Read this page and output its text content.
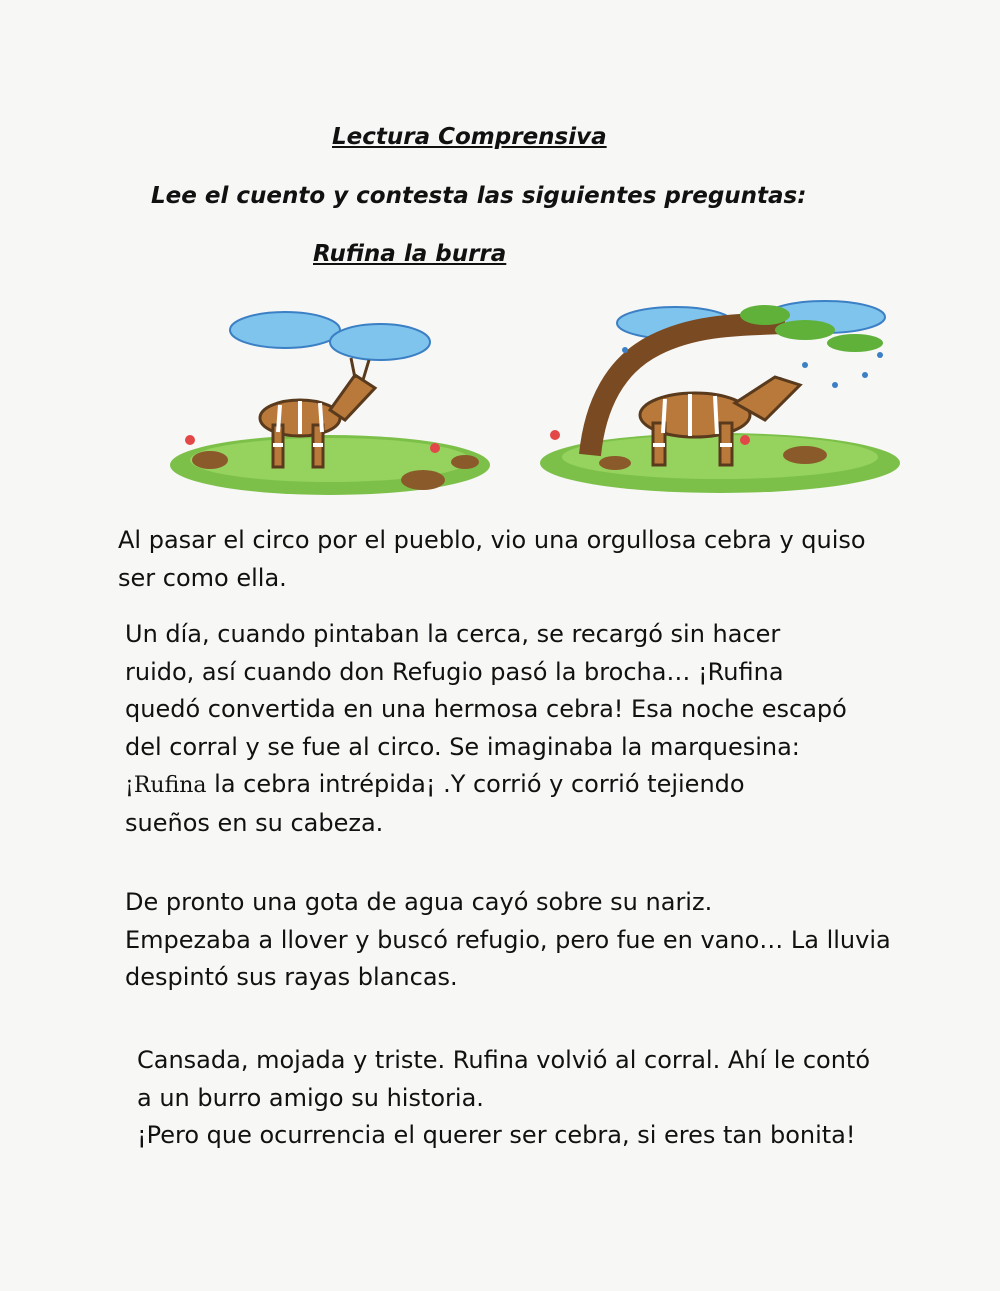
Lectura Comprensiva

Lee el cuento y contesta las siguientes preguntas:

Rufina la burra
Al pasar el circo por el pueblo, vio una orgullosa cebra y quiso
ser como ella.
Un día, cuando pintaban la cerca, se recargó sin hacer
ruido, así cuando don Refugio pasó la brocha… ¡Rufina
quedó convertida en una hermosa cebra! Esa noche escapó
del corral y se fue al circo. Se imaginaba la marquesina:
¡Rufina la cebra intrépida¡ .Y corrió y corrió tejiendo
sueños en su cabeza.
De pronto una gota de agua cayó sobre su nariz.
Empezaba a llover y buscó refugio, pero fue en vano… La lluvia
despintó sus rayas blancas.
Cansada, mojada y triste. Rufina volvió al corral. Ahí le contó
a un burro amigo su historia.
¡Pero que ocurrencia el querer ser cebra, si eres tan bonita!
